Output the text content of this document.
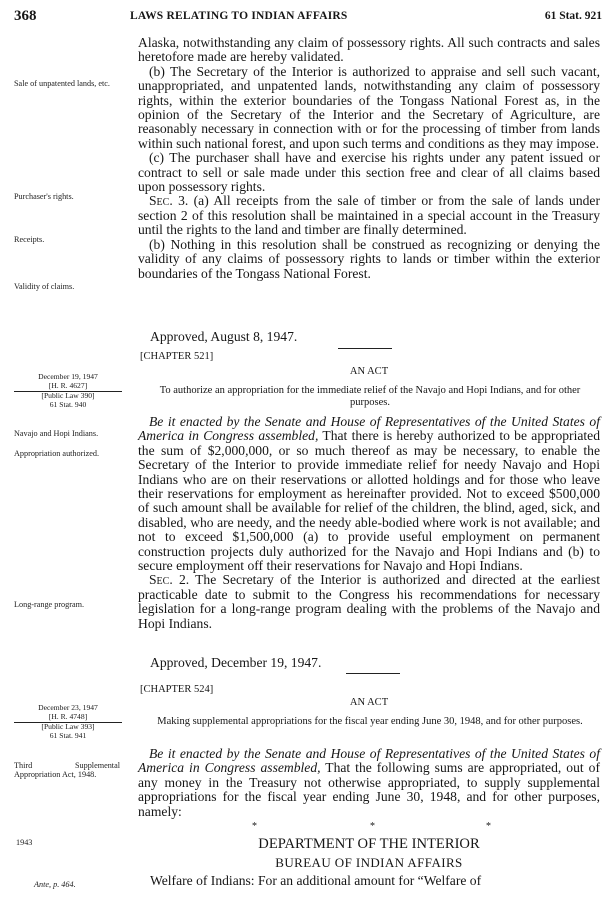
368	LAWS RELATING TO INDIAN AFFAIRS	61 Stat. 921

Alaska, notwithstanding any claim of possessory rights. All such contracts and sales heretofore made are hereby validated.

(b) The Secretary of the Interior is authorized to appraise and sell such vacant, unappropriated, and unpatented lands, notwithstanding any claim of possessory rights, within the exterior boundaries of the Tongass National Forest as, in the opinion of the Secretary of the Interior and the Secretary of Agriculture, are reasonably necessary in connection with or for the processing of timber from lands within such national forest, and upon such terms and conditions as they may impose.

(c) The purchaser shall have and exercise his rights under any patent issued or contract to sell or sale made under this section free and clear of all claims based upon possessory rights.

Sec. 3. (a) All receipts from the sale of timber or from the sale of lands under section 2 of this resolution shall be maintained in a special account in the Treasury until the rights to the land and timber are finally determined.

(b) Nothing in this resolution shall be construed as recognizing or denying the validity of any claims of possessory rights to lands or timber within the exterior boundaries of the Tongass National Forest.

Sale of unpatented lands, etc.
Purchaser's rights.
Receipts.
Validity of claims.
Approved, August 8, 1947.
[CHAPTER 521]
AN ACT
To authorize an appropriation for the immediate relief of the Navajo and Hopi Indians, and for other purposes.
December 19, 1947
[H. R. 4627]
[Public Law 390]
61 Stat. 940

Be it enacted by the Senate and House of Representatives of the United States of America in Congress assembled, That there is hereby authorized to be appropriated the sum of $2,000,000, or so much thereof as may be necessary, to enable the Secretary of the Interior to provide immediate relief for needy Navajo and Hopi Indians who are on their reservations or allotted holdings and for those who leave their reservations for employment as hereinafter provided. Not to exceed $500,000 of such amount shall be available for relief of the children, the blind, aged, sick, and disabled, who are needy, and the needy able-bodied where work is not available; and not to exceed $1,500,000 (a) to provide useful employment on permanent construction projects duly authorized for the Navajo and Hopi Indians and (b) to secure employment off their reservations for Navajo and Hopi Indians.

Sec. 2. The Secretary of the Interior is authorized and directed at the earliest practicable date to submit to the Congress his recommendations for necessary legislation for a long-range program dealing with the problems of the Navajo and Hopi Indians.

Navajo and Hopi Indians.
Appropriation authorized.
Long-range program.
Approved, December 19, 1947.
[CHAPTER 524]
AN ACT
Making supplemental appropriations for the fiscal year ending June 30, 1948, and for other purposes.
December 23, 1947
[H. R. 4748]
[Public Law 393]
61 Stat. 941

Be it enacted by the Senate and House of Representatives of the United States of America in Congress assembled, That the following sums are appropriated, out of any money in the Treasury not otherwise appropriated, to supply supplemental appropriations for the fiscal year ending June 30, 1948, and for other purposes, namely:

Third Supplemental Appropriation Act, 1948.
*	*	*
1943	DEPARTMENT OF THE INTERIOR
BUREAU OF INDIAN AFFAIRS
Ante, p. 464.	Welfare of Indians: For an additional amount for “Welfare of
